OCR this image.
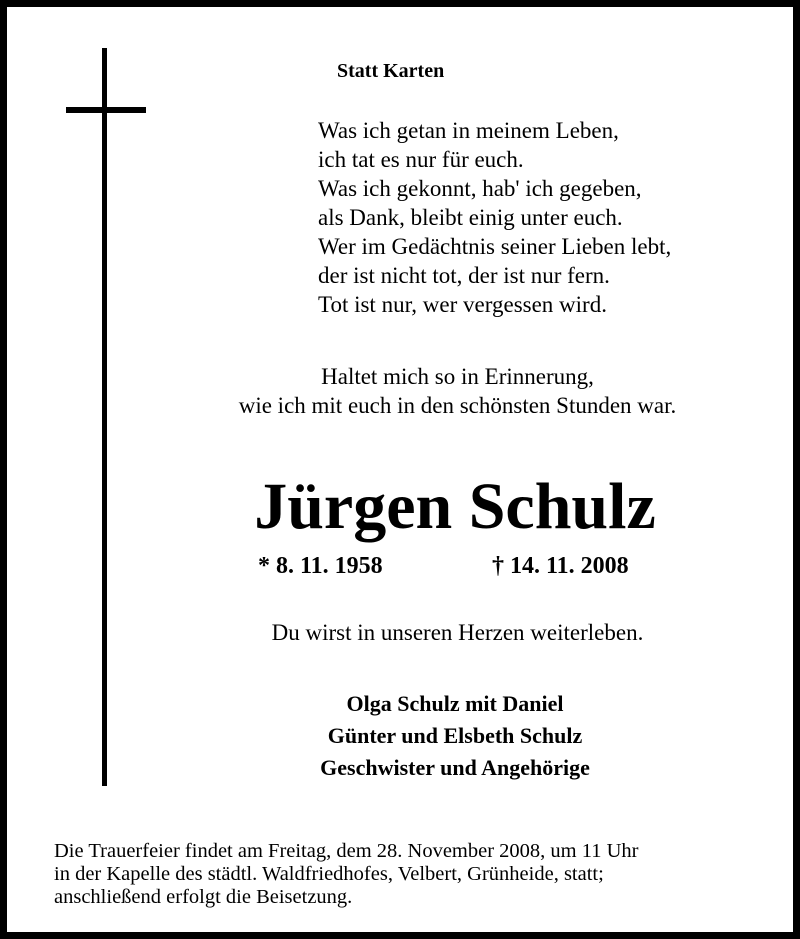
Statt Karten
Was ich getan in meinem Leben,
ich tat es nur für euch.
Was ich gekonnt, hab' ich gegeben,
als Dank, bleibt einig unter euch.
Wer im Gedächtnis seiner Lieben lebt,
der ist nicht tot, der ist nur fern.
Tot ist nur, wer vergessen wird.
Haltet mich so in Erinnerung,
wie ich mit euch in den schönsten Stunden war.
Jürgen Schulz
* 8. 11. 1958	† 14. 11. 2008
Du wirst in unseren Herzen weiterleben.
Olga Schulz mit Daniel
Günter und Elsbeth Schulz
Geschwister und Angehörige
Die Trauerfeier findet am Freitag, dem 28. November 2008, um 11 Uhr
in der Kapelle des städtl. Waldfriedhofes, Velbert, Grünheide, statt;
anschließend erfolgt die Beisetzung.
